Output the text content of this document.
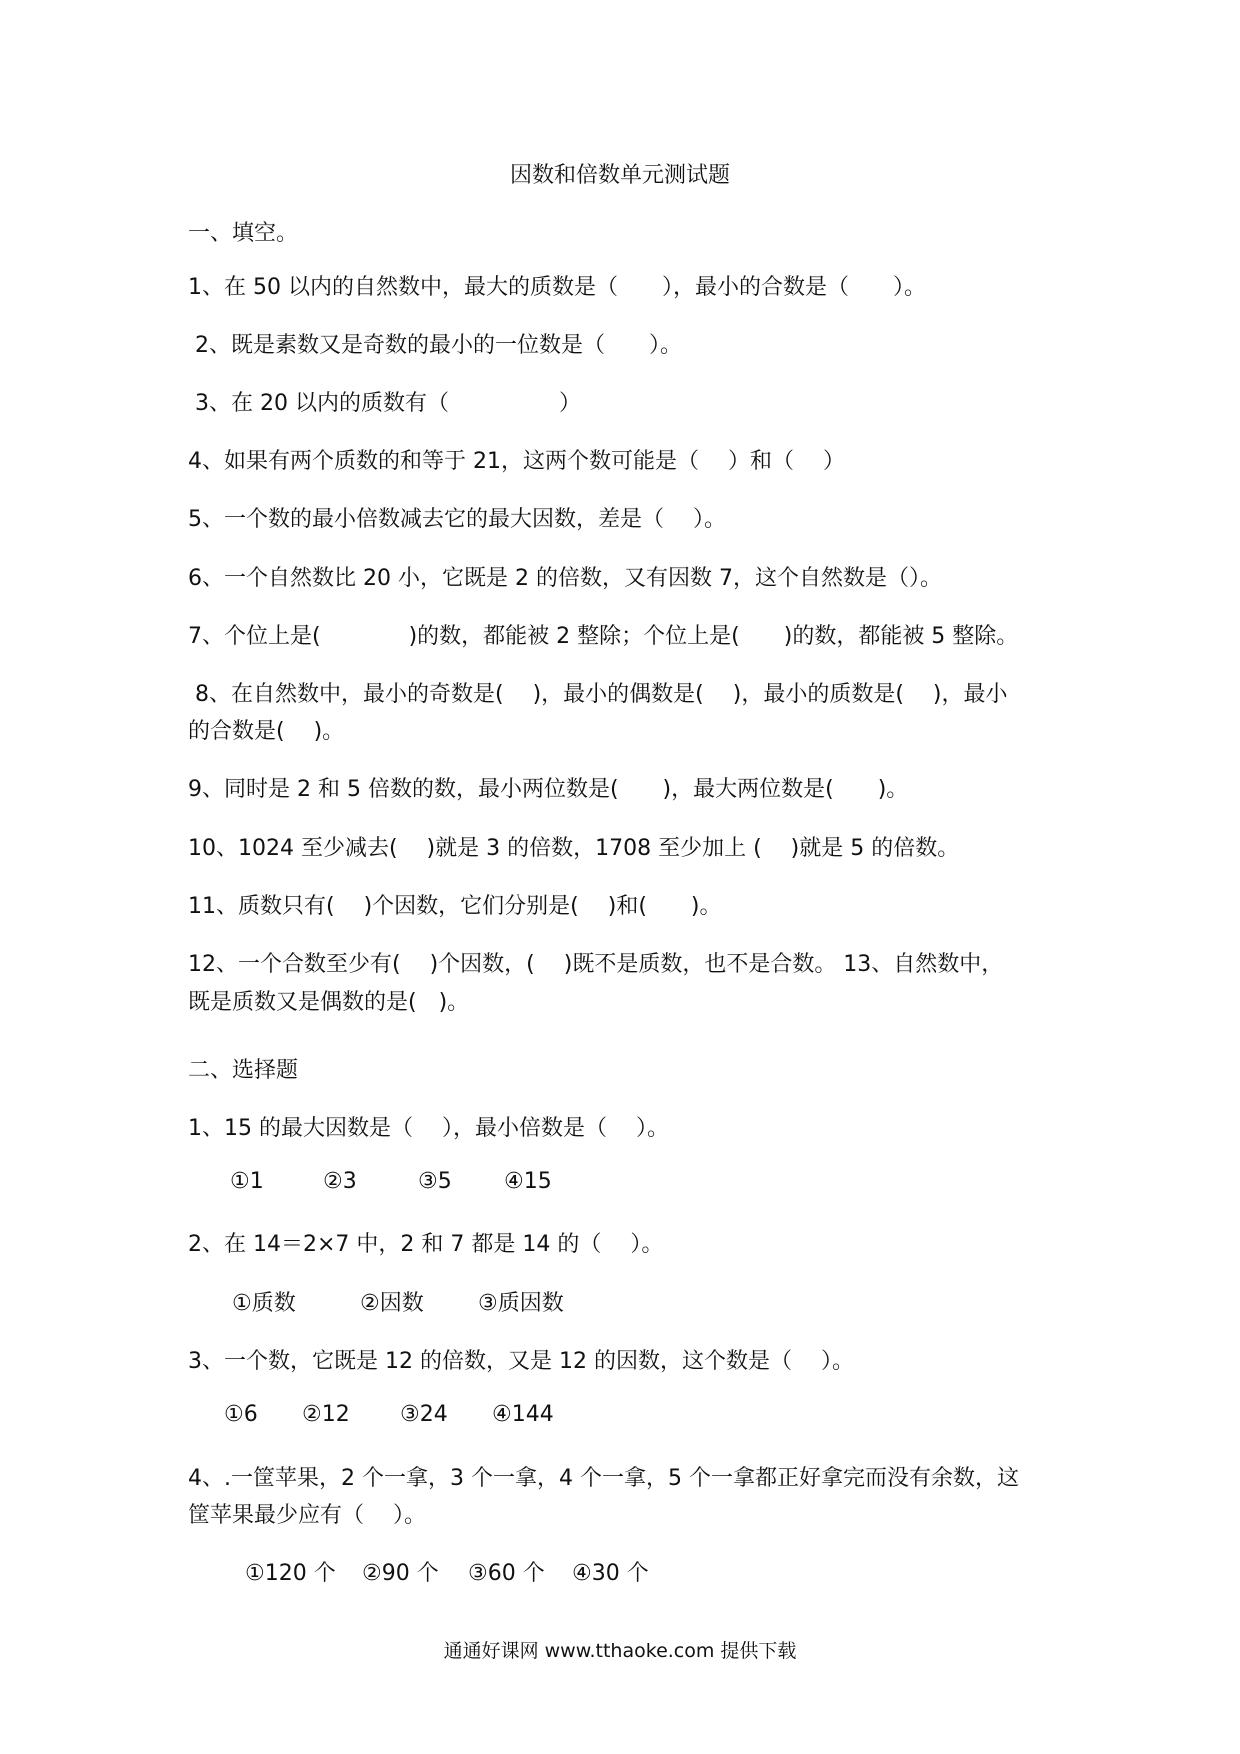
因数和倍数单元测试题
一、填空。
1、在 50 以内的自然数中，最大的质数是（　　），最小的合数是（　　）。
2、既是素数又是奇数的最小的一位数是（　　）。
3、在 20 以内的质数有（　　　　　）
4、如果有两个质数的和等于 21，这两个数可能是（　 ）和（　 ）
5、一个数的最小倍数减去它的最大因数，差是（　 ）。
6、一个自然数比 20 小，它既是 2 的倍数，又有因数 7，这个自然数是（）。
7、个位上是(　　　　)的数，都能被 2 整除；个位上是(　　)的数，都能被 5 整除。
8、在自然数中，最小的奇数是(　 )，最小的偶数是(　 )，最小的质数是(　 )，最小
的合数是(　 )。
9、同时是 2 和 5 倍数的数，最小两位数是(　　)，最大两位数是(　　)。
10、1024 至少减去(　 )就是 3 的倍数，1708 至少加上 (　 )就是 5 的倍数。
11、质数只有(　 )个因数，它们分别是(　 )和(　　)。
12、一个合数至少有(　 )个因数，(　 )既不是质数，也不是合数。 13、自然数中，
既是质数又是偶数的是(　)。
二、选择题
1、15 的最大因数是（　 ），最小倍数是（　 ）。
①1	②3	③5 ④15
2、在 14＝2×7 中，2 和 7 都是 14 的（　 ）。
①质数	②因数 ③质因数
3、一个数，它既是 12 的倍数，又是 12 的因数，这个数是（　 ）。
①6 ②12 ③24 ④144
4、.一筐苹果，2 个一拿，3 个一拿，4 个一拿，5 个一拿都正好拿完而没有余数，这
筐苹果最少应有（　 ）。
①120 个 ②90 个 ③60 个 ④30 个
通通好课网 www.tthaoke.com 提供下载
